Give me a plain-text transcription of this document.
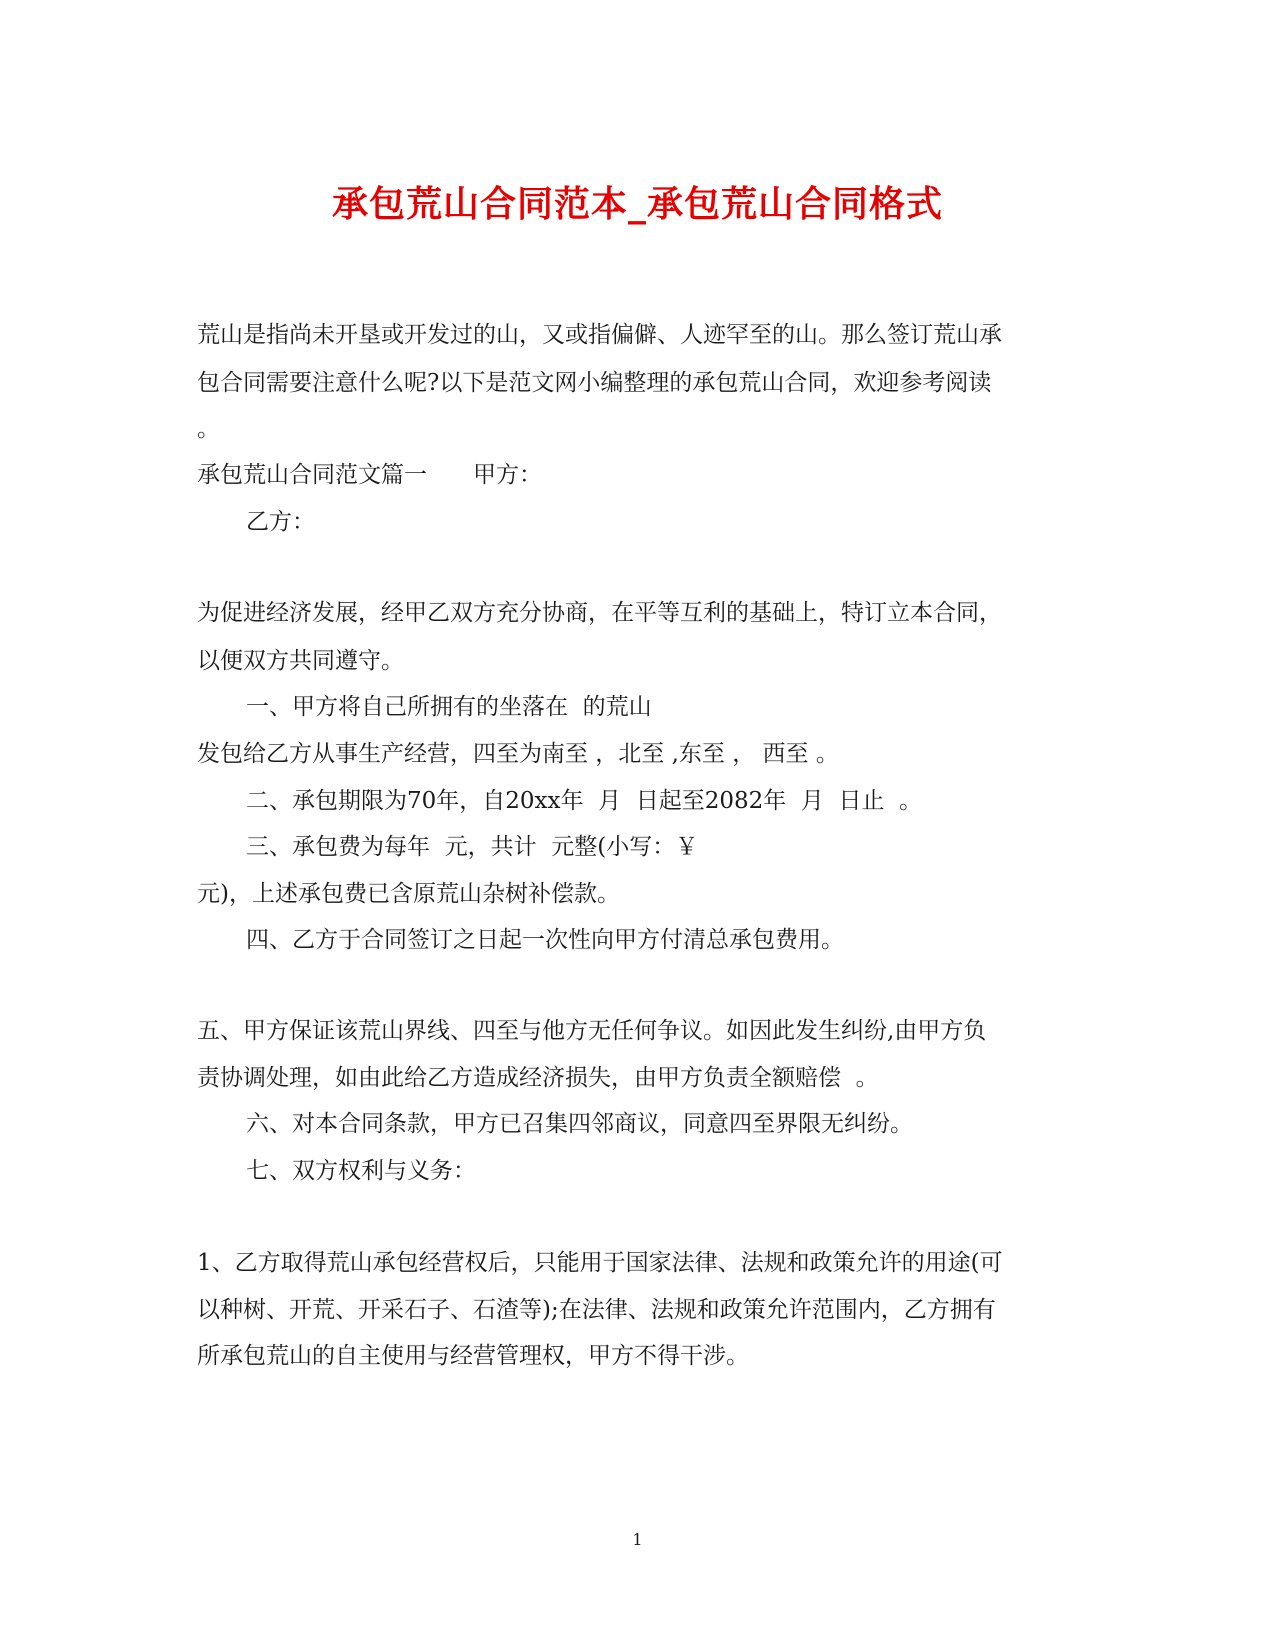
承包荒山合同范本_承包荒山合同格式
荒山是指尚未开垦或开发过的山，又或指偏僻、人迹罕至的山。那么签订荒山承
包合同需要注意什么呢?以下是范文网小编整理的承包荒山合同，欢迎参考阅读
。
承包荒山合同范文篇一　　甲方：
乙方：
为促进经济发展，经甲乙双方充分协商，在平等互利的基础上，特订立本合同，
以便双方共同遵守。
一、甲方将自己所拥有的坐落在  的荒山
发包给乙方从事生产经营，四至为南至 ，北至 ,东至 ， 西至 。
二、承包期限为70年，自20xx年  月  日起至2082年  月  日止  。
三、承包费为每年  元，共计  元整(小写：￥
元)，上述承包费已含原荒山杂树补偿款。
四、乙方于合同签订之日起一次性向甲方付清总承包费用。
五、甲方保证该荒山界线、四至与他方无任何争议。如因此发生纠纷,由甲方负
责协调处理，如由此给乙方造成经济损失，由甲方负责全额赔偿  。
六、对本合同条款，甲方已召集四邻商议，同意四至界限无纠纷。
七、双方权利与义务：
1、乙方取得荒山承包经营权后，只能用于国家法律、法规和政策允许的用途(可
以种树、开荒、开采石子、石渣等);在法律、法规和政策允许范围内，乙方拥有
所承包荒山的自主使用与经营管理权，甲方不得干涉。
1
